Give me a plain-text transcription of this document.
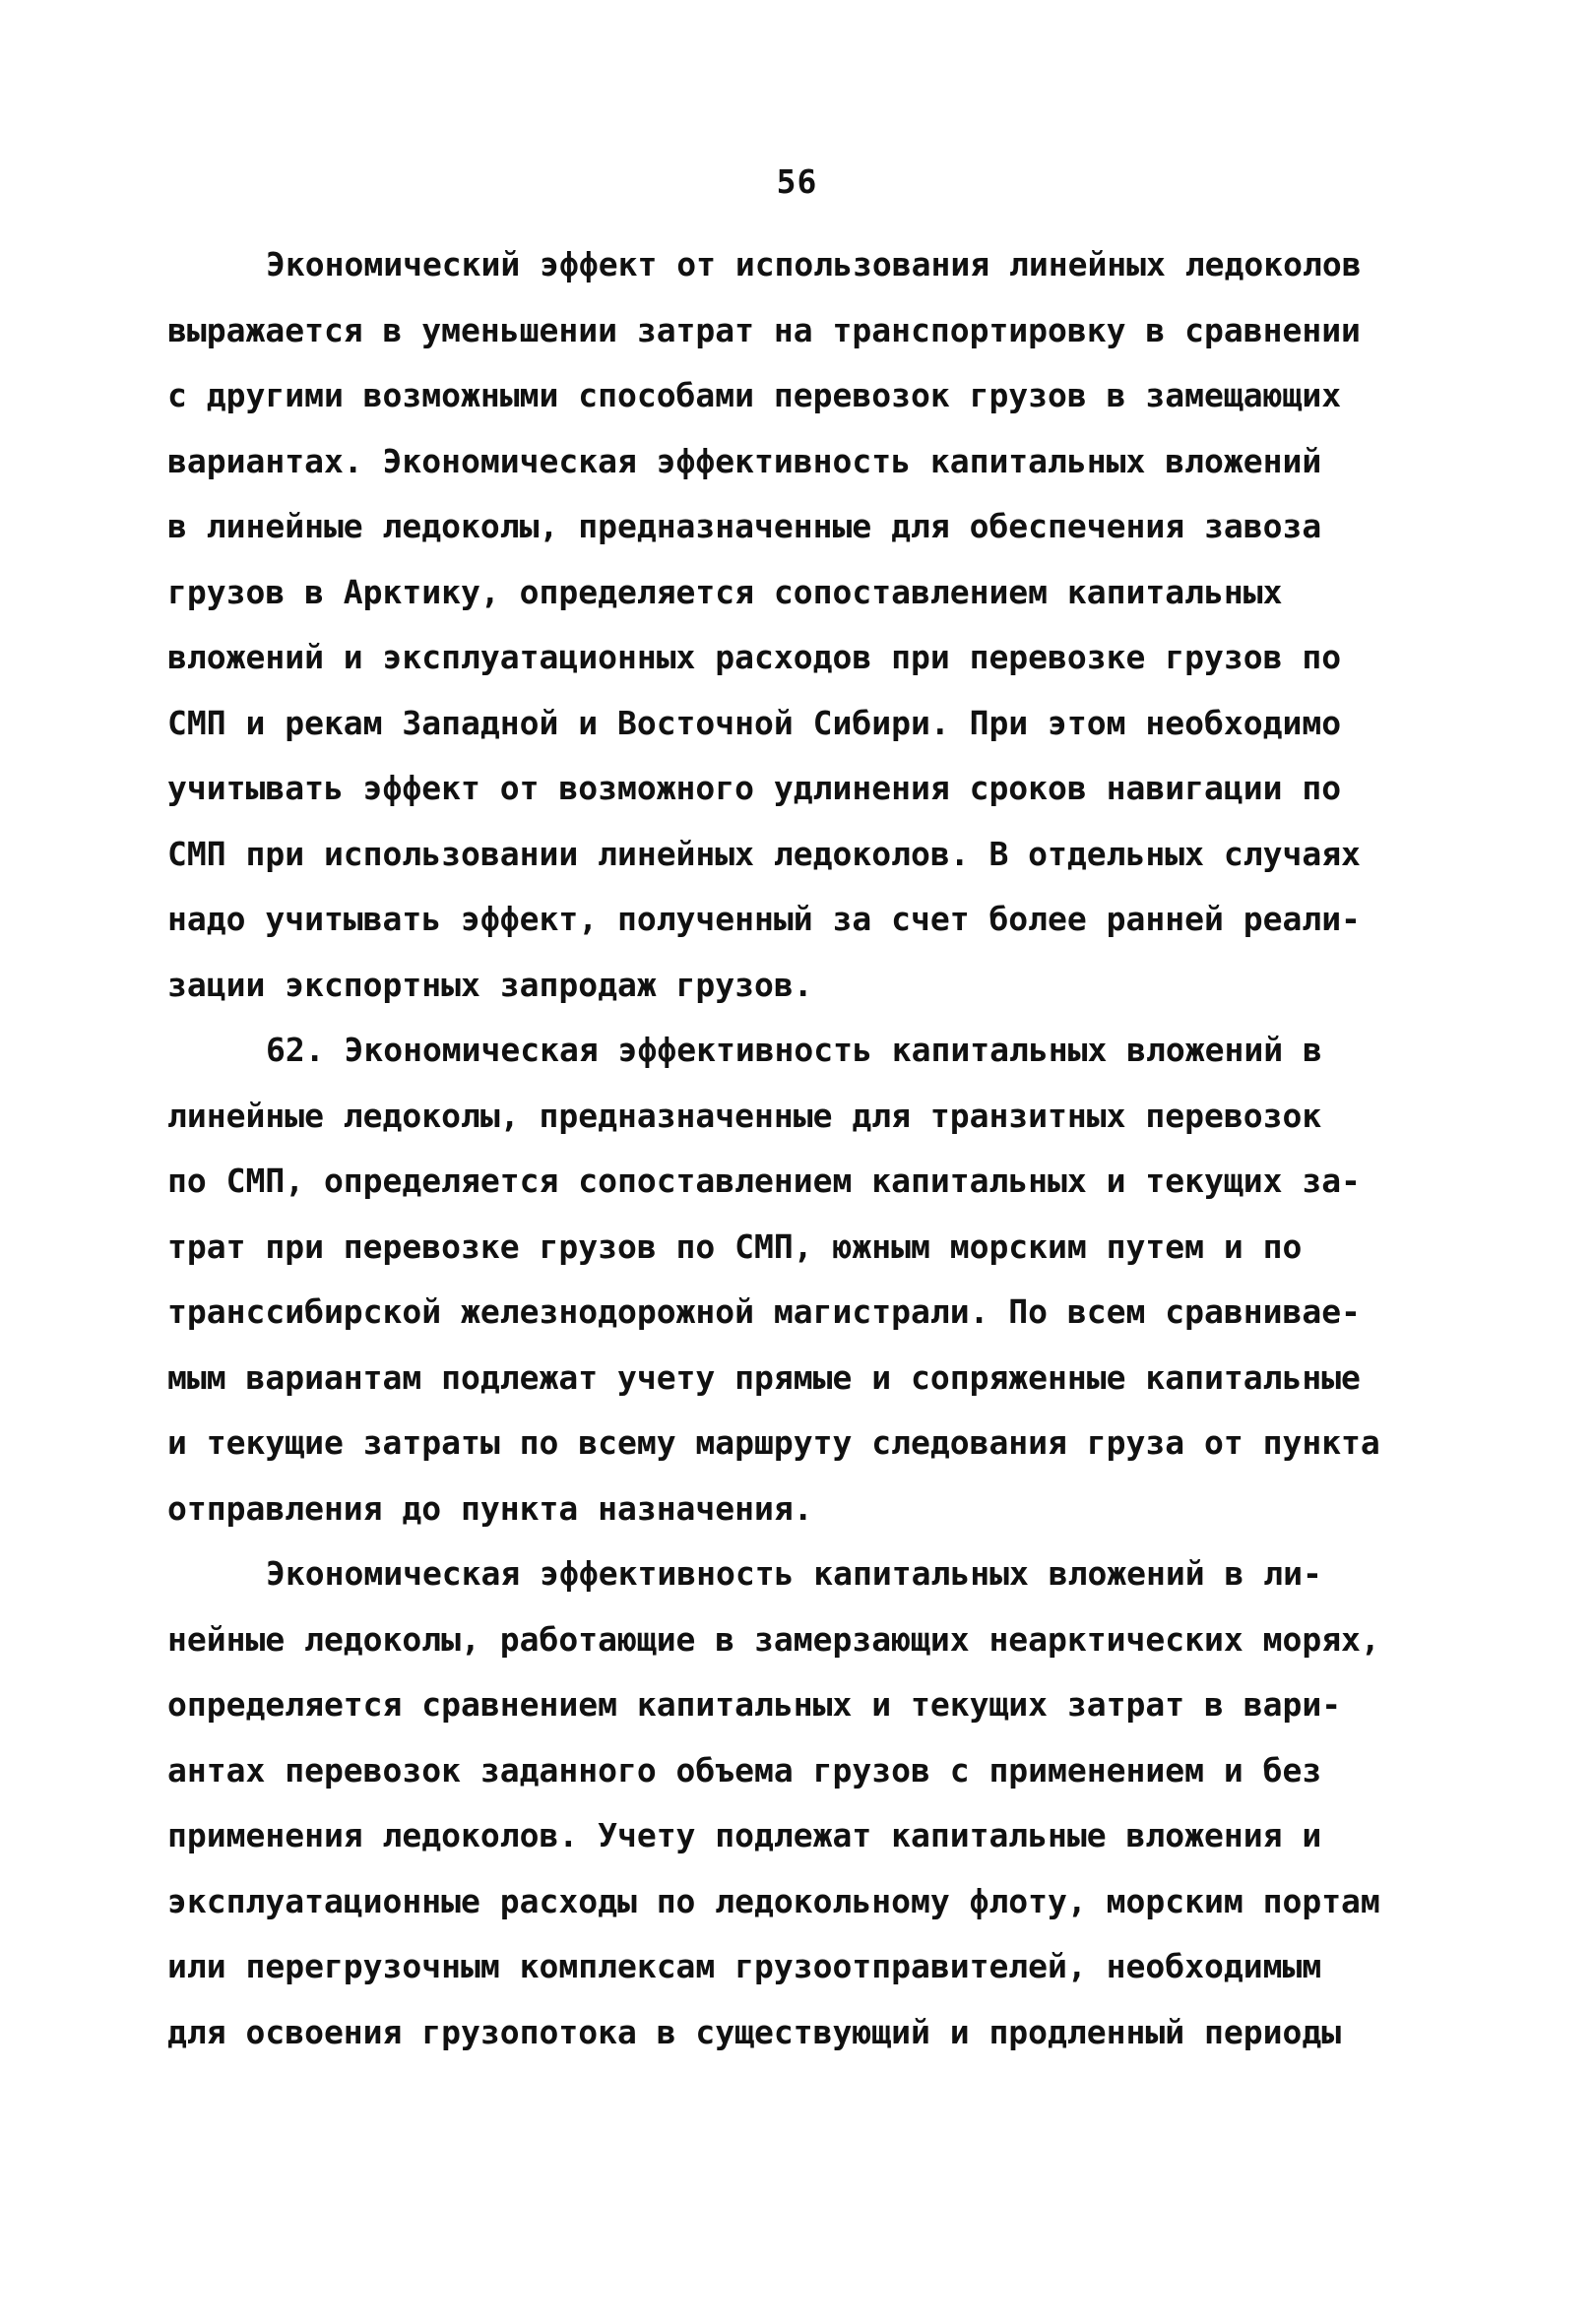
56
Экономический эффект от использования линейных ледоколов
выражается в уменьшении затрат на транспортировку в сравнении
с другими возможными способами перевозок грузов в замещающих
вариантах. Экономическая эффективность капитальных вложений
в линейные ледоколы, предназначенные для обеспечения завоза
грузов в Арктику, определяется сопоставлением капитальных
вложений и эксплуатационных расходов при перевозке грузов по
СМП и рекам Западной и Восточной Сибири. При этом необходимо
учитывать эффект от возможного удлинения сроков навигации по
СМП при использовании линейных ледоколов. В отдельных случаях
надо учитывать эффект, полученный за счет более ранней реали-
зации экспортных запродаж грузов.
62. Экономическая эффективность капитальных вложений в
линейные ледоколы, предназначенные для транзитных перевозок
по СМП, определяется сопоставлением капитальных и текущих за-
трат при перевозке грузов по СМП, южным морским путем и по
транссибирской железнодорожной магистрали. По всем сравнивае-
мым вариантам подлежат учету прямые и сопряженные капитальные
и текущие затраты по всему маршруту следования груза от пункта
отправления до пункта назначения.
Экономическая эффективность капитальных вложений в ли-
нейные ледоколы, работающие в замерзающих неарктических морях,
определяется сравнением капитальных и текущих затрат в вари-
антах перевозок заданного объема грузов с применением и без
применения ледоколов. Учету подлежат капитальные вложения и
эксплуатационные расходы по ледокольному флоту, морским портам
или перегрузочным комплексам грузоотправителей, необходимым
для освоения грузопотока в существующий и продленный периоды
